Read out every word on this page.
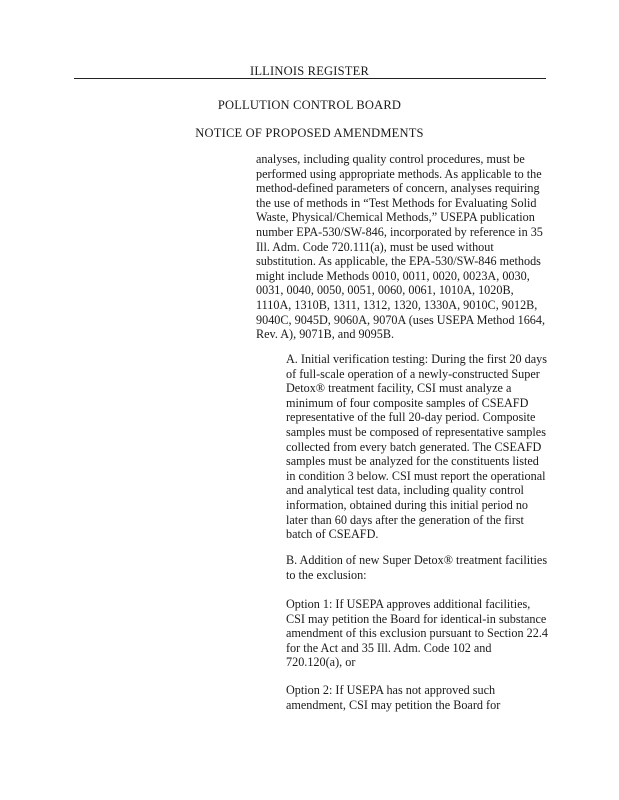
ILLINOIS REGISTER
POLLUTION CONTROL BOARD
NOTICE OF PROPOSED AMENDMENTS

analyses, including quality control procedures, must be performed using appropriate methods. As applicable to the method-defined parameters of concern, analyses requiring the use of methods in “Test Methods for Evaluating Solid Waste, Physical/Chemical Methods,” USEPA publication number EPA-530/SW-846, incorporated by reference in 35 Ill. Adm. Code 720.111(a), must be used without substitution. As applicable, the EPA-530/SW-846 methods might include Methods 0010, 0011, 0020, 0023A, 0030, 0031, 0040, 0050, 0051, 0060, 0061, 1010A, 1020B, 1110A, 1310B, 1311, 1312, 1320, 1330A, 9010C, 9012B, 9040C, 9045D, 9060A, 9070A (uses USEPA Method 1664, Rev. A), 9071B, and 9095B.

A. Initial verification testing: During the first 20 days of full-scale operation of a newly-constructed Super Detox® treatment facility, CSI must analyze a minimum of four composite samples of CSEAFD representative of the full 20-day period. Composite samples must be composed of representative samples collected from every batch generated. The CSEAFD samples must be analyzed for the constituents listed in condition 3 below. CSI must report the operational and analytical test data, including quality control information, obtained during this initial period no later than 60 days after the generation of the first batch of CSEAFD.

B. Addition of new Super Detox® treatment facilities to the exclusion:

Option 1: If USEPA approves additional facilities, CSI may petition the Board for identical-in substance amendment of this exclusion pursuant to Section 22.4 for the Act and 35 Ill. Adm. Code 102 and 720.120(a), or

Option 2: If USEPA has not approved such amendment, CSI may petition the Board for
